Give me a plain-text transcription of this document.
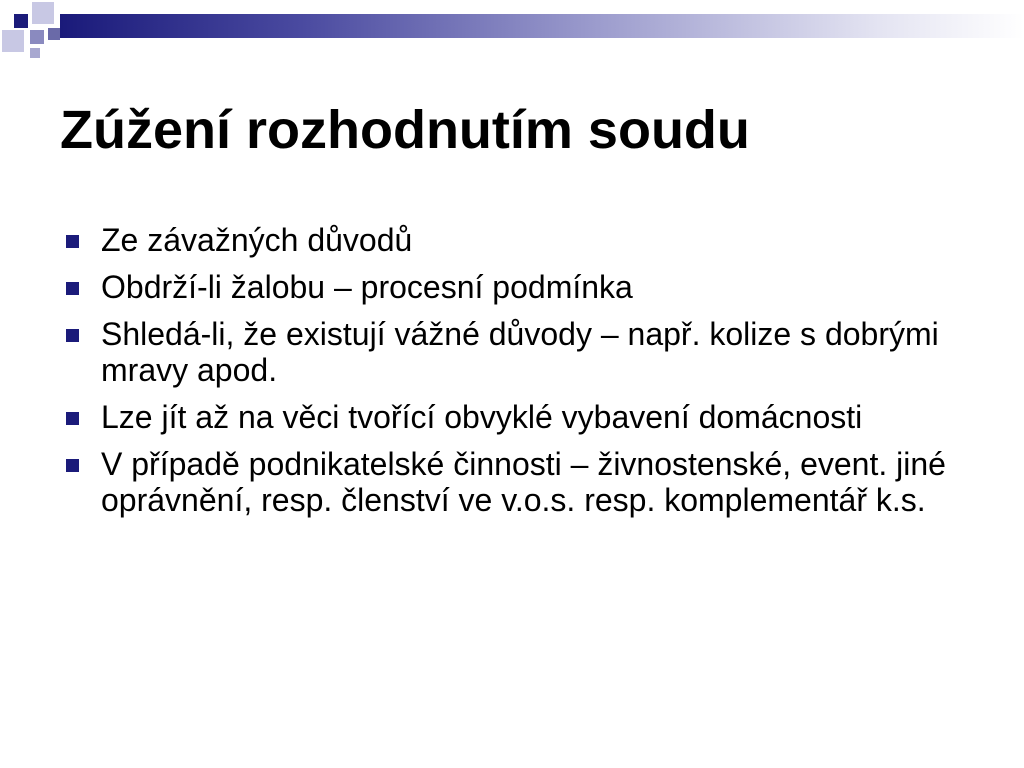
Zúžení rozhodnutím soudu
Ze závažných důvodů
Obdrží-li žalobu – procesní podmínka
Shledá-li, že existují vážné důvody – např. kolize s dobrými mravy apod.
Lze jít až na věci tvořící obvyklé vybavení domácnosti
V případě podnikatelské činnosti – živnostenské, event. jiné oprávnění, resp. členství ve v.o.s. resp. komplementář k.s.
